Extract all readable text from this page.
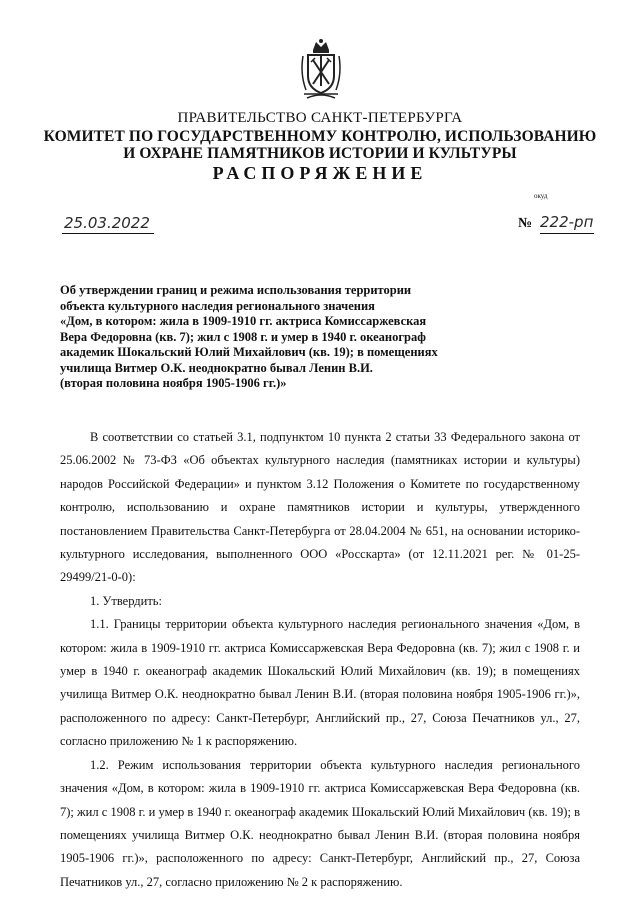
ПРАВИТЕЛЬСТВО САНКТ-ПЕТЕРБУРГА
КОМИТЕТ ПО ГОСУДАРСТВЕННОМУ КОНТРОЛЮ, ИСПОЛЬЗОВАНИЮ
И ОХРАНЕ ПАМЯТНИКОВ ИСТОРИИ И КУЛЬТУРЫ
РАСПОРЯЖЕНИЕ
окуд
25.03.2022	№ 222-рп
Об утверждении границ и режима использования территории
объекта культурного наследия регионального значения
«Дом, в котором: жила в 1909-1910 гг. актриса Комиссаржевская
Вера Федоровна (кв. 7); жил с 1908 г. и умер в 1940 г. океанограф
академик Шокальский Юлий Михайлович (кв. 19); в помещениях
училища Витмер О.К. неоднократно бывал Ленин В.И.
(вторая половина ноября 1905-1906 гг.)»

В соответствии со статьей 3.1, подпунктом 10 пункта 2 статьи 33 Федерального закона от 25.06.2002 № 73-ФЗ «Об объектах культурного наследия (памятниках истории и культуры) народов Российской Федерации» и пунктом 3.12 Положения о Комитете по государственному контролю, использованию и охране памятников истории и культуры, утвержденного постановлением Правительства Санкт-Петербурга от 28.04.2004 № 651, на основании историко-культурного исследования, выполненного ООО «Росскарта» (от 12.11.2021 рег. № 01-25-29499/21-0-0):

1. Утвердить:

1.1. Границы территории объекта культурного наследия регионального значения «Дом, в котором: жила в 1909-1910 гг. актриса Комиссаржевская Вера Федоровна (кв. 7); жил с 1908 г. и умер в 1940 г. океанограф академик Шокальский Юлий Михайлович (кв. 19); в помещениях училища Витмер О.К. неоднократно бывал Ленин В.И. (вторая половина ноября 1905-1906 гг.)», расположенного по адресу: Санкт-Петербург, Английский пр., 27, Союза Печатников ул., 27, согласно приложению № 1 к распоряжению.

1.2. Режим использования территории объекта культурного наследия регионального значения «Дом, в котором: жила в 1909-1910 гг. актриса Комиссаржевская Вера Федоровна (кв. 7); жил с 1908 г. и умер в 1940 г. океанограф академик Шокальский Юлий Михайлович (кв. 19); в помещениях училища Витмер О.К. неоднократно бывал Ленин В.И. (вторая половина ноября 1905-1906 гг.)», расположенного по адресу: Санкт-Петербург, Английский пр., 27, Союза Печатников ул., 27, согласно приложению № 2 к распоряжению.
